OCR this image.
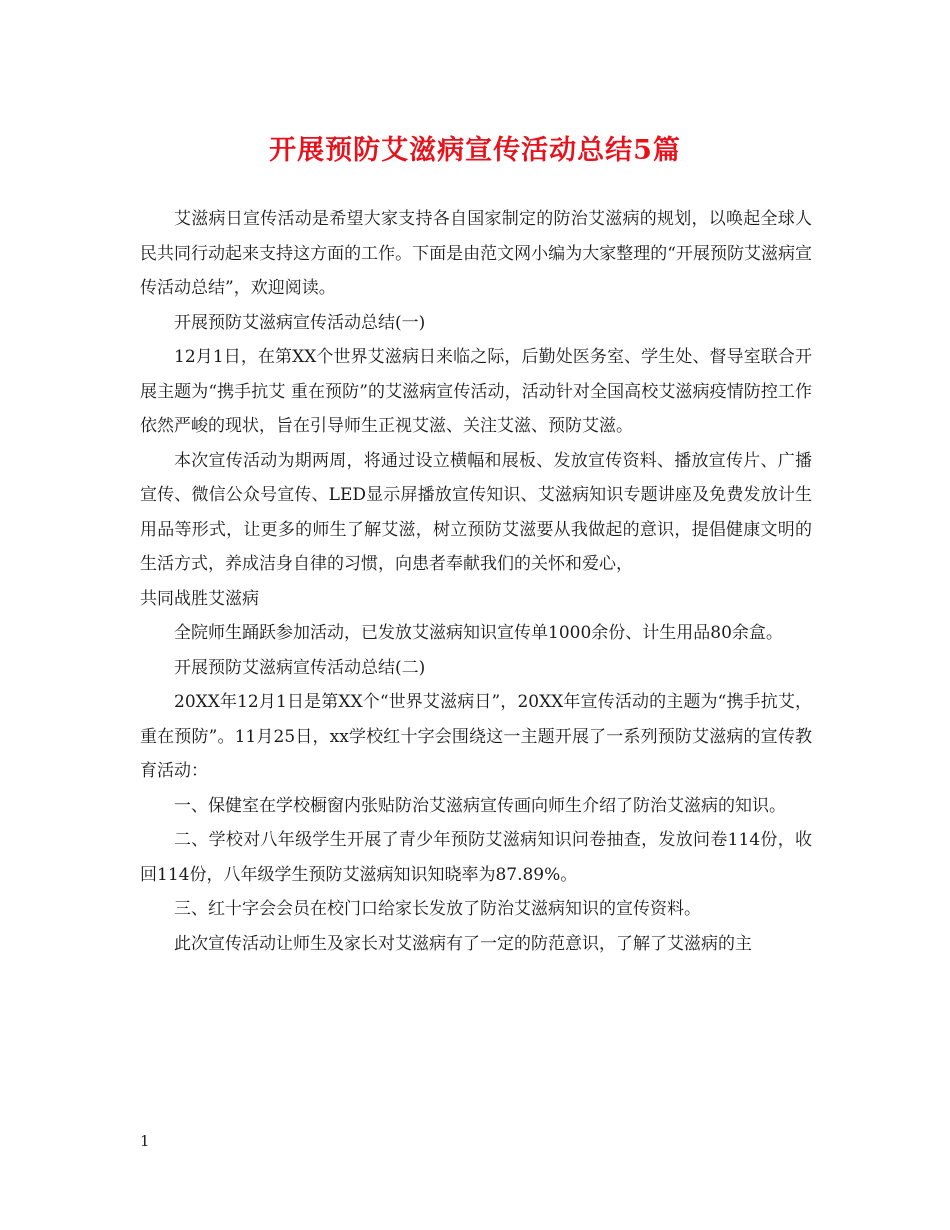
开展预防艾滋病宣传活动总结5篇

艾滋病日宣传活动是希望大家支持各自国家制定的防治艾滋病的规划，以唤起全球人民共同行动起来支持这方面的工作。下面是由范文网小编为大家整理的“开展预防艾滋病宣传活动总结”，欢迎阅读。

开展预防艾滋病宣传活动总结(一)

12月1日，在第XX个世界艾滋病日来临之际，后勤处医务室、学生处、督导室联合开展主题为“携手抗艾 重在预防”的艾滋病宣传活动，活动针对全国高校艾滋病疫情防控工作依然严峻的现状，旨在引导师生正视艾滋、关注艾滋、预防艾滋。

本次宣传活动为期两周，将通过设立横幅和展板、发放宣传资料、播放宣传片、广播宣传、微信公众号宣传、LED显示屏播放宣传知识、艾滋病知识专题讲座及免费发放计生用品等形式，让更多的师生了解艾滋，树立预防艾滋要从我做起的意识，提倡健康文明的生活方式，养成洁身自律的习惯，向患者奉献我们的关怀和爱心，

共同战胜艾滋病

全院师生踊跃参加活动，已发放艾滋病知识宣传单1000余份、计生用品80余盒。

开展预防艾滋病宣传活动总结(二)

20XX年12月1日是第XX个“世界艾滋病日”，20XX年宣传活动的主题为“携手抗艾，重在预防”。11月25日，xx学校红十字会围绕这一主题开展了一系列预防艾滋病的宣传教育活动：

一、保健室在学校橱窗内张贴防治艾滋病宣传画向师生介绍了防治艾滋病的知识。

二、学校对八年级学生开展了青少年预防艾滋病知识问卷抽查，发放问卷114份，收回114份，八年级学生预防艾滋病知识知晓率为87.89%。

三、红十字会会员在校门口给家长发放了防治艾滋病知识的宣传资料。

此次宣传活动让师生及家长对艾滋病有了一定的防范意识，了解了艾滋病的主

1
